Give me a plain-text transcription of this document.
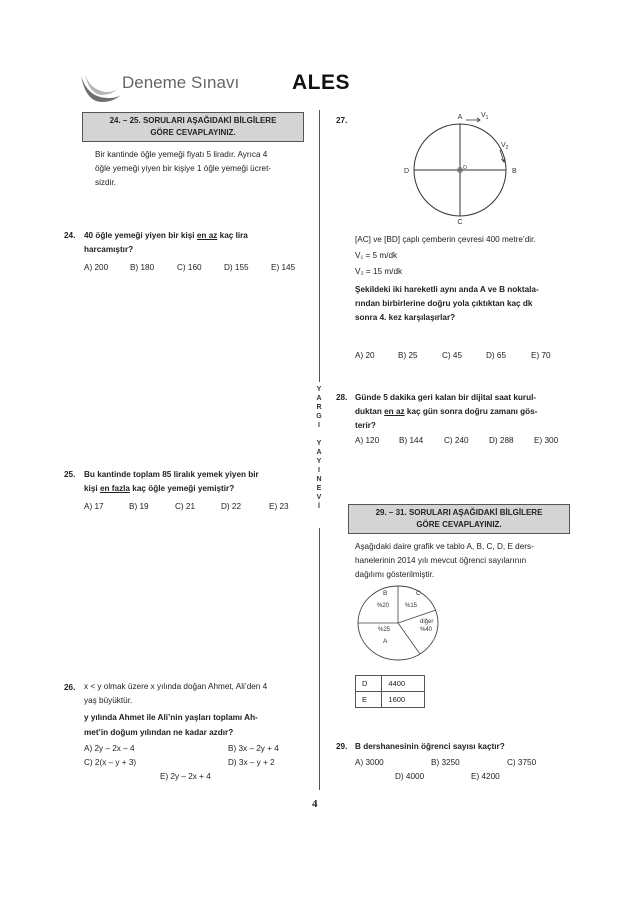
Deneme Sınavı	ALES
24. – 25. SORULARI AŞAĞIDAKİ BİLGİLERE
GÖRE CEVAPLAYINIZ.
Bir kantinde öğle yemeği fiyatı 5 liradır. Ayrıca 4
öğle yemeği yiyen bir kişiye 1 öğle yemeği ücret-
sizdir.
24. 40 öğle yemeği yiyen bir kişi en az kaç lira
harcamıştır?
A) 200	B) 180	C) 160	D) 155	E) 145
25. Bu kantinde toplam 85 liralık yemek yiyen bir
kişi en fazla kaç öğle yemeği yemiştir?
A) 17	B) 19	C) 21	D) 22	E) 23
26. x < y olmak üzere x yılında doğan Ahmet, Ali’den 4
yaş büyüktür.
y yılında Ahmet ile Ali’nin yaşları toplamı Ah-
met’in doğum yılından ne kadar azdır?
A) 2y – 2x – 4	B) 3x – 2y + 4
C) 2(x – y + 3)	D) 3x – y + 2
E) 2y – 2x + 4
Y
A
R
G
I
Y
A
Y
I
N
E
V
İ
27.	A	$V_1$
$V_2$
B
D
C
O
[AC] ve [BD] çaplı çemberin çevresi 400 metre’dir.
V₁ = 5 m/dk
V₂ = 15 m/dk
Şekildeki iki hareketli aynı anda A ve B noktala-
rından birbirlerine doğru yola çıktıktan kaç dk
sonra 4. kez karşılaşırlar?
A) 20	B) 25	C) 45	D) 65	E) 70
28. Günde 5 dakika geri kalan bir dijital saat kurul-
duktan en az kaç gün sonra doğru zamanı gös-
terir?
A) 120 B) 144	C) 240 D) 288 E) 300
29. – 31. SORULARI AŞAĞIDAKİ BİLGİLERE
GÖRE CEVAPLAYINIZ.
Aşağıdaki daire grafik ve tablo A, B, C, D, E ders-
hanelerinin 2014 yılı mevcut öğrenci sayılarının
dağılımı gösterilmiştir.
B
%20
C
%15
diğer
%40
%25
A
D	4400
E	1600
29. B dershanesinin öğrenci sayısı kaçtır?
A) 3000	B) 3250	C) 3750
D) 4000	E) 4200
4
